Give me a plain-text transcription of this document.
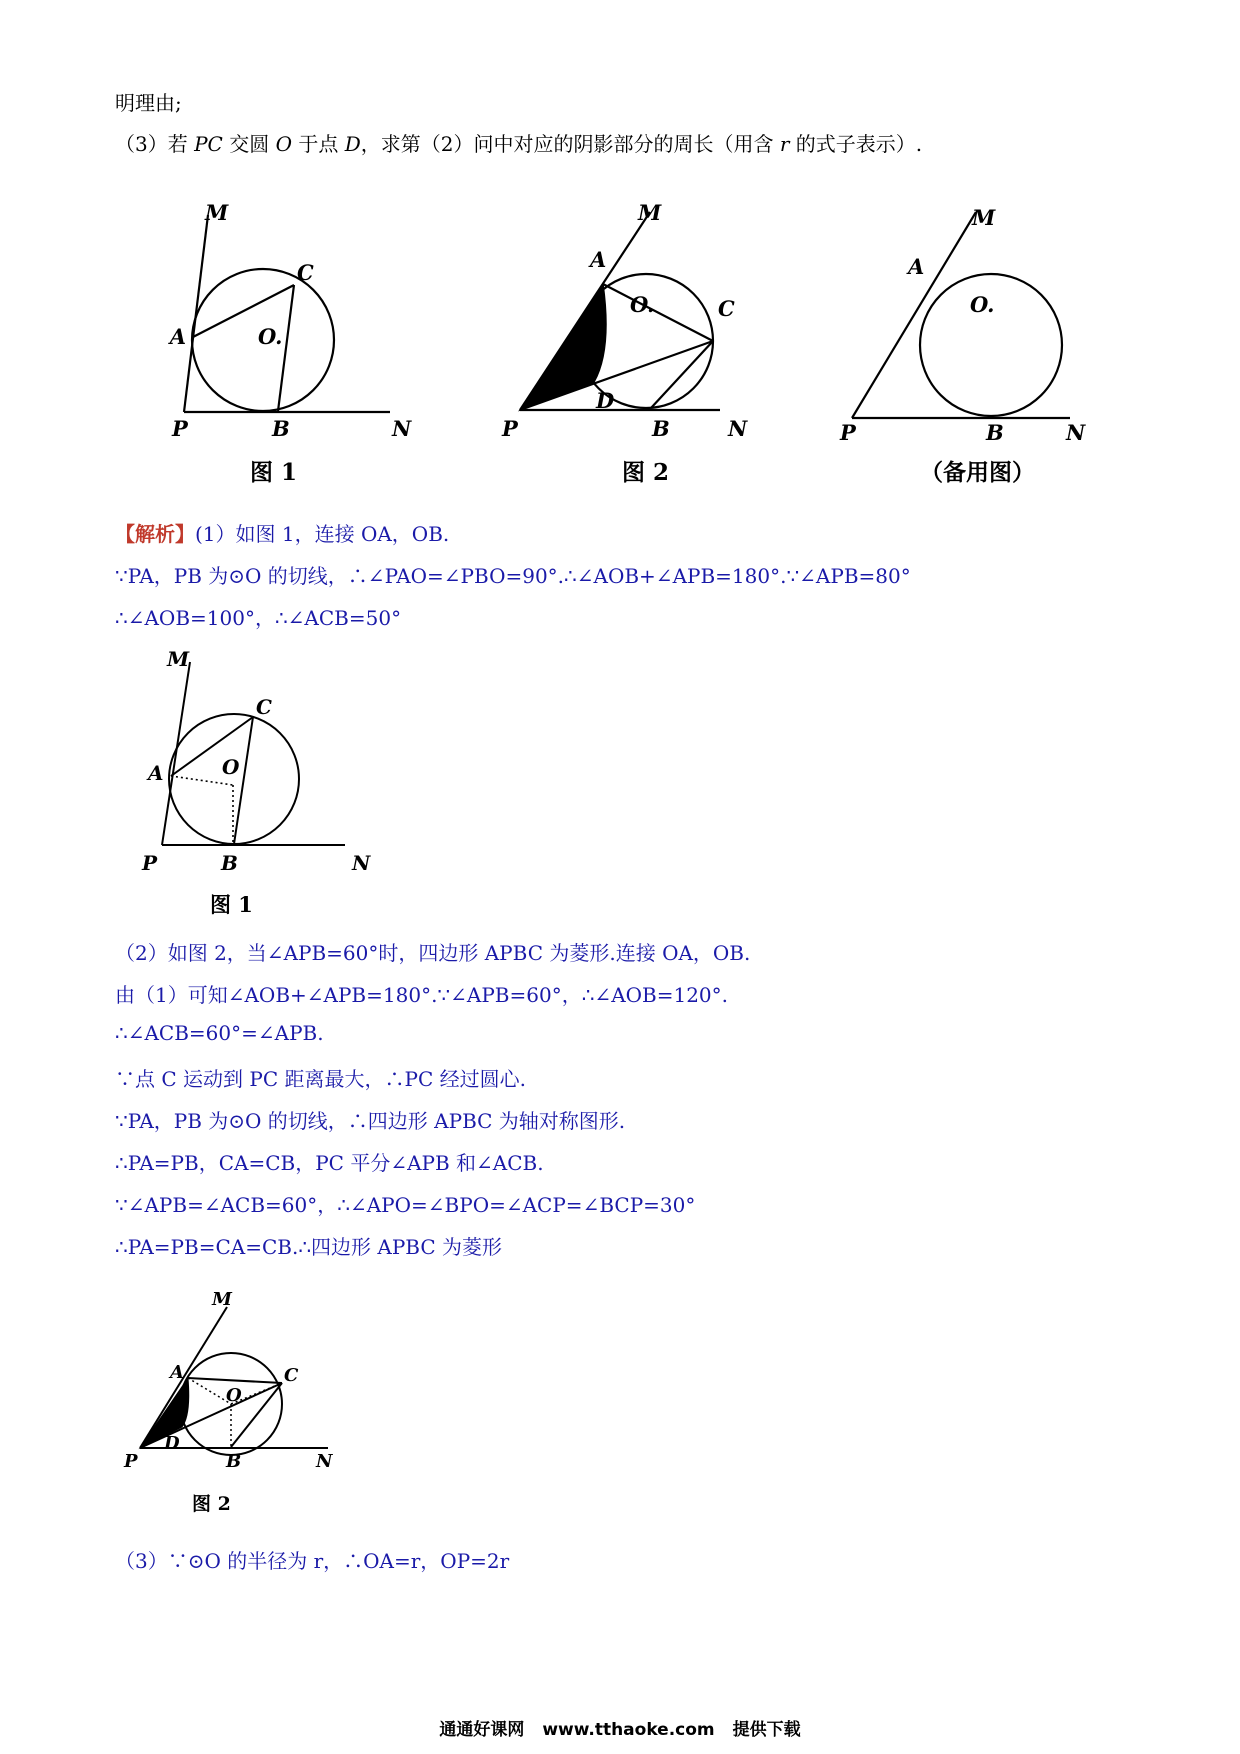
明理由;
（3）若 PC 交圆 O 于点 D，求第（2）问中对应的阴影部分的周长（用含 r 的式子表示）.
M
C
A	O.
P	B	N
图 1
M
A
O.	C
D
P	B	N
图 2
M
A
O.
P	B	N
（备用图）
【解析】(1）如图 1，连接 OA，OB.
∵PA，PB 为⊙O 的切线，∴∠PAO=∠PBO=90°.∴∠AOB+∠APB=180°.∵∠APB=80°
∴∠AOB=100°，∴∠ACB=50°
M
C
A	O
P	B	N
图 1
（2）如图 2，当∠APB=60°时，四边形 APBC 为菱形.连接 OA，OB.
由（1）可知∠AOB+∠APB=180°.∵∠APB=60°，∴∠AOB=120°.
∴∠ACB=60°=∠APB.
∵点 C 运动到 PC 距离最大，∴PC 经过圆心.
∵PA，PB 为⊙O 的切线，∴四边形 APBC 为轴对称图形.
∴PA=PB，CA=CB，PC 平分∠APB 和∠ACB.
∵∠APB=∠ACB=60°，∴∠APO=∠BPO=∠ACP=∠BCP=30°
∴PA=PB=CA=CB.∴四边形 APBC 为菱形
M
A	C
O
D
P	B	N
图 2
（3）∵⊙O 的半径为 r，∴OA=r，OP=2r
通通好课网 www.tthaoke.com 提供下载
